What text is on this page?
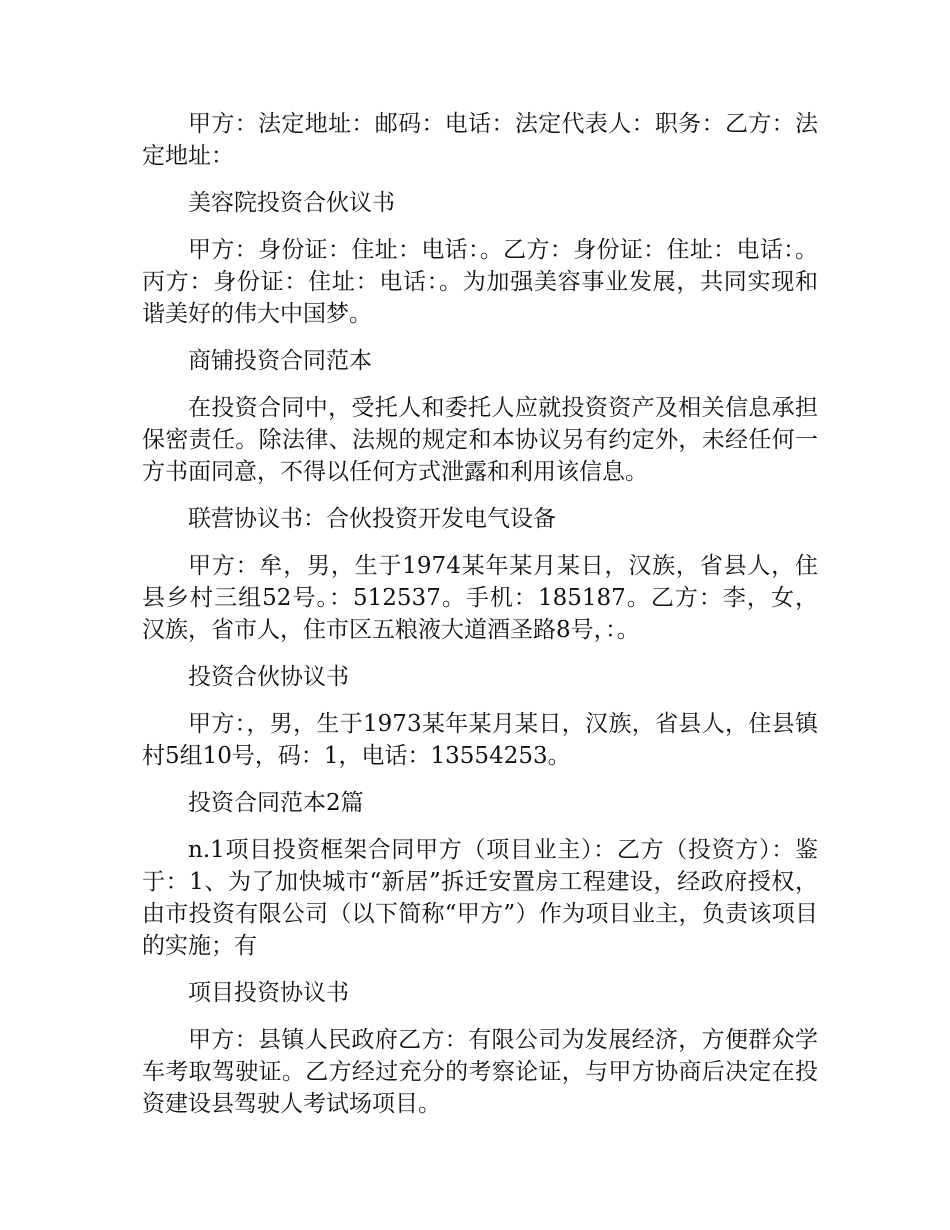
甲方：法定地址：邮码：电话：法定代表人：职务：乙方：法定地址：

美容院投资合伙议书

甲方：身份证：住址：电话：。乙方：身份证：住址：电话：。丙方：身份证：住址：电话：。为加强美容事业发展，共同实现和谐美好的伟大中国梦。

商铺投资合同范本

在投资合同中，受托人和委托人应就投资资产及相关信息承担保密责任。除法律、法规的规定和本协议另有约定外，未经任何一方书面同意，不得以任何方式泄露和利用该信息。

联营协议书：合伙投资开发电气设备

甲方：牟，男，生于1974某年某月某日，汉族，省县人，住县乡村三组52号。：512537。手机：185187。乙方：李，女，汉族，省市人，住市区五粮液大道酒圣路8号，：。

投资合伙协议书

甲方：，男，生于1973某年某月某日，汉族，省县人，住县镇村5组10号，码：1，电话：13554253。

投资合同范本2篇

n.1项目投资框架合同甲方（项目业主）：乙方（投资方）：鉴于：1、为了加快城市“新居”拆迁安置房工程建设，经政府授权，由市投资有限公司（以下简称“甲方”）作为项目业主，负责该项目的实施；有

项目投资协议书

甲方：县镇人民政府乙方：有限公司为发展经济，方便群众学车考取驾驶证。乙方经过充分的考察论证，与甲方协商后决定在投资建设县驾驶人考试场项目。
